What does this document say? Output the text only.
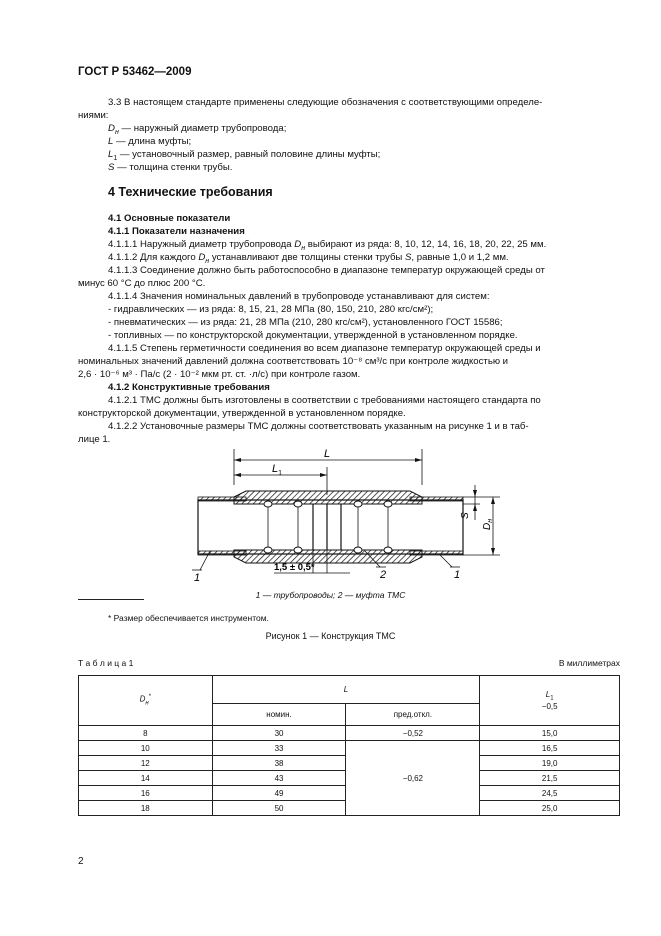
ГОСТ Р 53462—2009
3.3 В настоящем стандарте применены следующие обозначения с соответствующими определе-
ниями:
$D_н$ — наружный диаметр трубопровода;
L — длина муфты;
$L_1$ — установочный размер, равный половине длины муфты;
S — толщина стенки трубы.
4 Технические требования
4.1 Основные показатели
4.1.1 Показатели назначения
4.1.1.1 Наружный диаметр трубопровода $D_н$ выбирают из ряда: 8, 10, 12, 14, 16, 18, 20, 22, 25 мм.
4.1.1.2 Для каждого $D_н$ устанавливают две толщины стенки трубы S, равные 1,0 и 1,2 мм.
4.1.1.3 Соединение должно быть работоспособно в диапазоне температур окружающей среды от
минус 60 °С до плюс 200 °С.
4.1.1.4 Значения номинальных давлений в трубопроводе устанавливают для систем:
- гидравлических — из ряда: 8, 15, 21, 28 МПа (80, 150, 210, 280 кгс/см²);
- пневматических — из ряда: 21, 28 МПа (210, 280 кгс/см²), установленного ГОСТ 15586;
- топливных — по конструкторской документации, утвержденной в установленном порядке.
4.1.1.5 Степень герметичности соединения во всем диапазоне температур окружающей среды и
номинальных значений давлений должна соответствовать 10⁻⁸ см³/с при контроле жидкостью и
2,6 · 10⁻⁶ м³ · Па/с (2 · 10⁻² мкм рт. ст. ·л/с) при контроле газом.
4.1.2 Конструктивные требования
4.1.2.1 ТМС должны быть изготовлены в соответствии с требованиями настоящего стандарта по
конструкторской документации, утвержденной в установленном порядке.
4.1.2.2 Установочные размеры ТМС должны соответствовать указанным на рисунке 1 и в таб-
лице 1.
L
$L_1$
S
$D_н$
1	2	1
1,5 ± 0,5*
1 — трубопроводы; 2 — муфта ТМС
* Размер обеспечивается инструментом.
Рисунок 1 — Конструкция ТМС
Т а б л и ц а 1	В миллиметрах
$D_н^*$	L		$L_1$
−0,5
	номин.	пред.откл.	
8	30	−0,52	15,0
10	33	−0,62	16,5
12	38		19,0
14	43		21,5
16	49		24,5
18	50		25,0
2
